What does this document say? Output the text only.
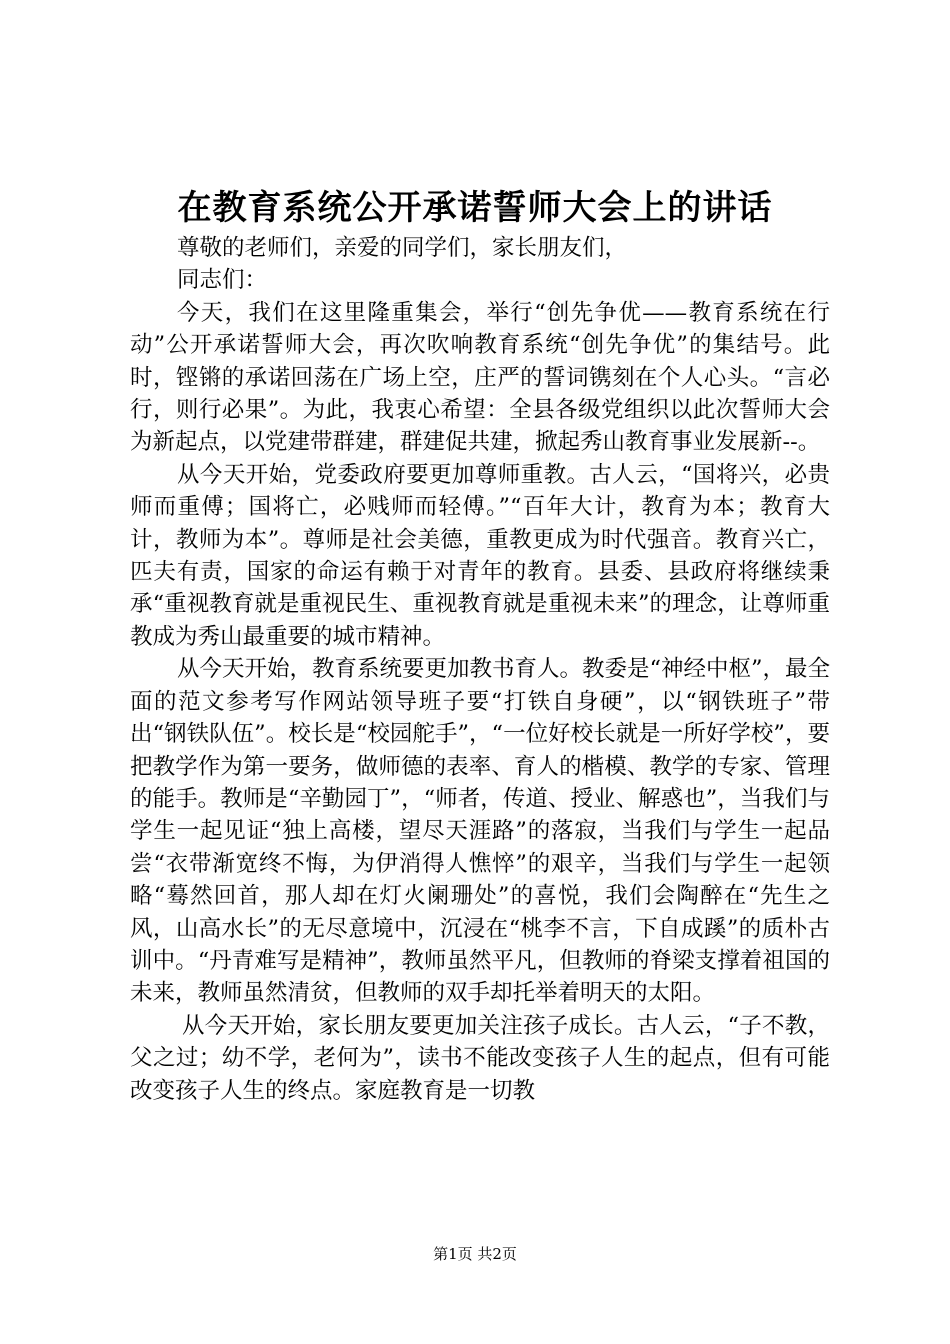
在教育系统公开承诺誓师大会上的讲话

尊敬的老师们，亲爱的同学们，家长朋友们，

同志们：

今天，我们在这里隆重集会，举行“创先争优——教育系统在行动”公开承诺誓师大会，再次吹响教育系统“创先争优”的集结号。此时，铿锵的承诺回荡在广场上空，庄严的誓词镌刻在个人心头。“言必行，则行必果”。为此，我衷心希望：全县各级党组织以此次誓师大会为新起点，以党建带群建，群建促共建，掀起秀山教育事业发展新--。

从今天开始，党委政府要更加尊师重教。古人云，“国将兴，必贵师而重傅；国将亡，必贱师而轻傅。”“百年大计，教育为本；教育大计，教师为本”。尊师是社会美德，重教更成为时代强音。教育兴亡，匹夫有责，国家的命运有赖于对青年的教育。县委、县政府将继续秉承“重视教育就是重视民生、重视教育就是重视未来”的理念，让尊师重教成为秀山最重要的城市精神。

从今天开始，教育系统要更加教书育人。教委是“神经中枢”，最全面的范文参考写作网站领导班子要“打铁自身硬”，以“钢铁班子”带出“钢铁队伍”。校长是“校园舵手”，“一位好校长就是一所好学校”，要把教学作为第一要务，做师德的表率、育人的楷模、教学的专家、管理的能手。教师是“辛勤园丁”，“师者，传道、授业、解惑也”，当我们与学生一起见证“独上高楼，望尽天涯路”的落寂，当我们与学生一起品尝“衣带渐宽终不悔，为伊消得人憔悴”的艰辛，当我们与学生一起领略“蓦然回首，那人却在灯火阑珊处”的喜悦，我们会陶醉在“先生之风，山高水长”的无尽意境中，沉浸在“桃李不言，下自成蹊”的质朴古训中。“丹青难写是精神”，教师虽然平凡，但教师的脊梁支撑着祖国的未来，教师虽然清贫，但教师的双手却托举着明天的太阳。

从今天开始，家长朋友要更加关注孩子成长。古人云，“子不教，父之过；幼不学，老何为”，读书不能改变孩子人生的起点，但有可能改变孩子人生的终点。家庭教育是一切教

第1页 共2页
